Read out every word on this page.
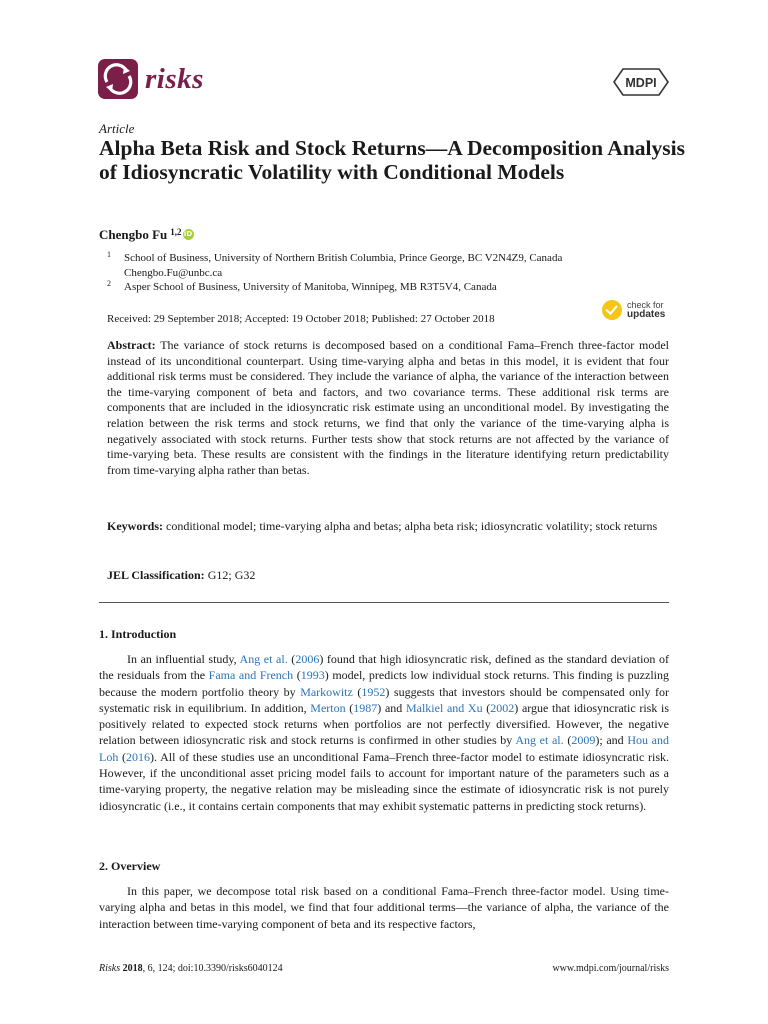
risks	MDPI
Article
Alpha Beta Risk and Stock Returns—A Decomposition Analysis of Idiosyncratic Volatility with Conditional Models
Chengbo Fu $^{1,2}$ iD
1 School of Business, University of Northern British Columbia, Prince George, BC V2N4Z9, Canada
Chengbo.Fu@unbc.ca
2 Asper School of Business, University of Manitoba, Winnipeg, MB R3T5V4, Canada
Received: 29 September 2018; Accepted: 19 October 2018; Published: 27 October 2018
check for
updates

Abstract: The variance of stock returns is decomposed based on a conditional Fama–French three-factor model instead of its unconditional counterpart. Using time-varying alpha and betas in this model, it is evident that four additional risk terms must be considered. They include the variance of alpha, the variance of the interaction between the time-varying component of beta and factors, and two covariance terms. These additional risk terms are components that are included in the idiosyncratic risk estimate using an unconditional model. By investigating the relation between the risk terms and stock returns, we find that only the variance of the time-varying alpha is negatively associated with stock returns. Further tests show that stock returns are not affected by the variance of time-varying beta. These results are consistent with the findings in the literature identifying return predictability from time-varying alpha rather than betas.

Keywords: conditional model; time-varying alpha and betas; alpha beta risk; idiosyncratic volatility; stock returns

JEL Classification: G12; G32
1. Introduction

In an influential study, Ang et al. (2006) found that high idiosyncratic risk, defined as the standard deviation of the residuals from the Fama and French (1993) model, predicts low individual stock returns. This finding is puzzling because the modern portfolio theory by Markowitz (1952) suggests that investors should be compensated only for systematic risk in equilibrium. In addition, Merton (1987) and Malkiel and Xu (2002) argue that idiosyncratic risk is positively related to expected stock returns when portfolios are not perfectly diversified. However, the negative relation between idiosyncratic risk and stock returns is confirmed in other studies by Ang et al. (2009); and Hou and Loh (2016). All of these studies use an unconditional Fama–French three-factor model to estimate idiosyncratic risk. However, if the unconditional asset pricing model fails to account for important nature of the parameters such as a time-varying property, the negative relation may be misleading since the estimate of idiosyncratic risk is not purely idiosyncratic (i.e., it contains certain components that may exhibit systematic patterns in predicting stock returns).

2. Overview

In this paper, we decompose total risk based on a conditional Fama–French three-factor model. Using time-varying alpha and betas in this model, we find that four additional terms—the variance of alpha, the variance of the interaction between time-varying component of beta and its respective factors,

Risks 2018, 6, 124; doi:10.3390/risks6040124	www.mdpi.com/journal/risks
